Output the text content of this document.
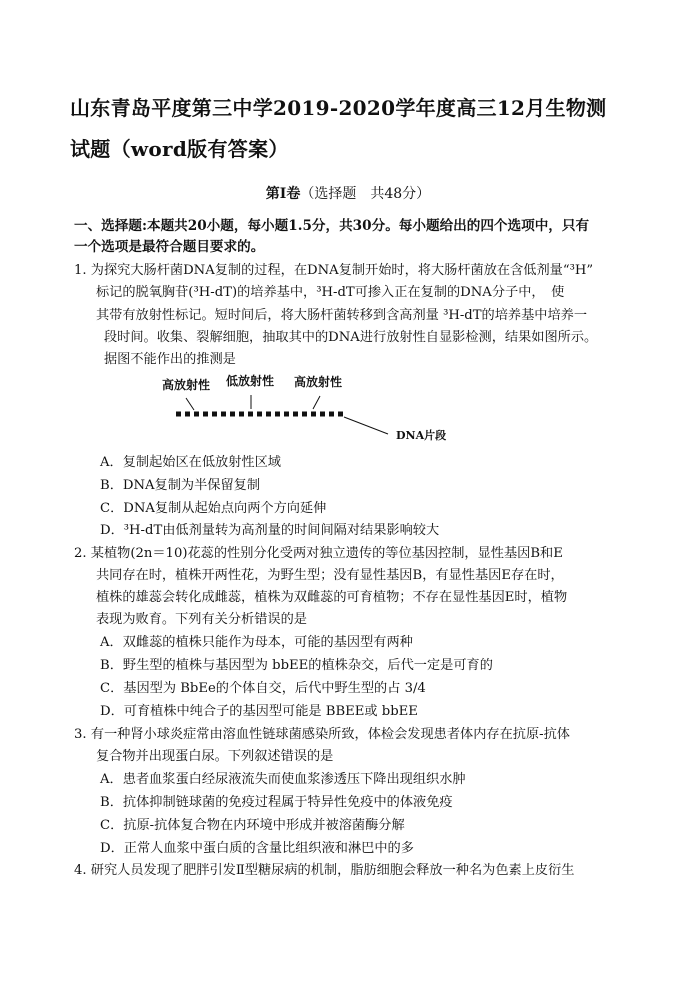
山东青岛平度第三中学2019-2020学年度高三12月生物测
试题（word版有答案）
第Ⅰ卷（选择题　共48分）
一、选择题:本题共20小题，每小题1.5分，共30分。每小题给出的四个选项中，只有
一个选项是最符合题目要求的。
1. 为探究大肠杆菌DNA复制的过程，在DNA复制开始时，将大肠杆菌放在含低剂量“³H”
标记的脱氧胸苷(³H-dT)的培养基中，³H-dT可掺入正在复制的DNA分子中，　使
其带有放射性标记。短时间后，将大肠杆菌转移到含高剂量 ³H-dT的培养基中培养一
段时间。收集、裂解细胞，抽取其中的DNA进行放射性自显影检测，结果如图所示。
据图不能作出的推测是
高放射性 低放射性 高放射性
DNA片段
A．复制起始区在低放射性区域
B．DNA复制为半保留复制
C．DNA复制从起始点向两个方向延伸
D．³H-dT由低剂量转为高剂量的时间间隔对结果影响较大
2. 某植物(2n＝10)花蕊的性别分化受两对独立遗传的等位基因控制，显性基因B和E
共同存在时，植株开两性花，为野生型；没有显性基因B，有显性基因E存在时，
植株的雄蕊会转化成雌蕊，植株为双雌蕊的可育植物；不存在显性基因E时，植物
表现为败育。下列有关分析错误的是
A．双雌蕊的植株只能作为母本，可能的基因型有两种
B．野生型的植株与基因型为 bbEE的植株杂交，后代一定是可育的
C．基因型为 BbEe的个体自交，后代中野生型的占 3/4
D．可育植株中纯合子的基因型可能是 BBEE或 bbEE
3. 有一种肾小球炎症常由溶血性链球菌感染所致，体检会发现患者体内存在抗原-抗体
复合物并出现蛋白尿。下列叙述错误的是
A．患者血浆蛋白经尿液流失而使血浆渗透压下降出现组织水肿
B．抗体抑制链球菌的免疫过程属于特异性免疫中的体液免疫
C．抗原-抗体复合物在内环境中形成并被溶菌酶分解
D．正常人血浆中蛋白质的含量比组织液和淋巴中的多
4. 研究人员发现了肥胖引发Ⅱ型糖尿病的机制，脂肪细胞会释放一种名为色素上皮衍生
